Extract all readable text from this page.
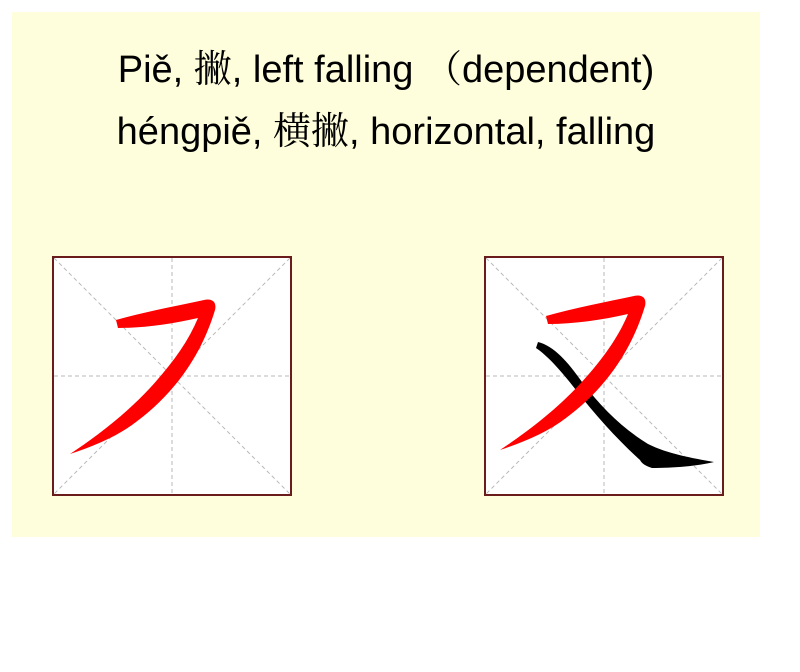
Piě, 撇, left falling （dependent)
héngpiě, 横撇, horizontal, falling
